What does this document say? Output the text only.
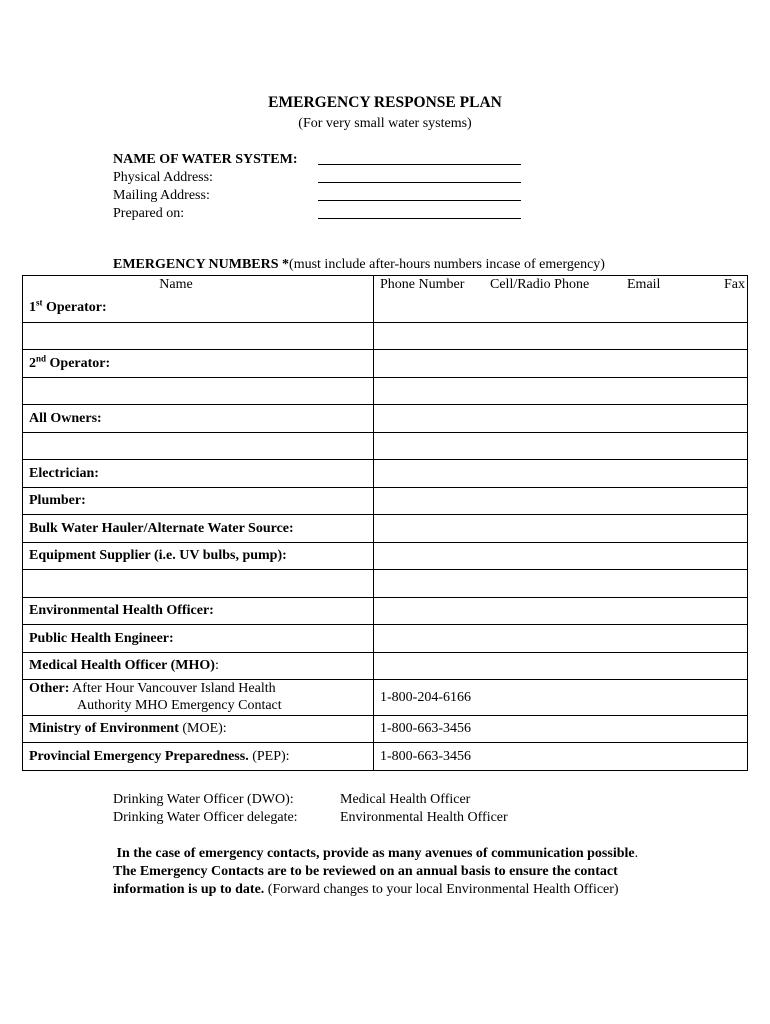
EMERGENCY RESPONSE PLAN
(For very small water systems)
NAME OF WATER SYSTEM:
Physical Address:
Mailing Address:
Prepared on:
EMERGENCY NUMBERS *(must include after-hours numbers incase of emergency)
Name	Phone Number Cell/Radio Phone Email Fax

1st Operator:	

2nd Operator:	

All Owners:	

Electrician:	
Plumber:	
Bulk Water Hauler/Alternate Water Source:	
Equipment Supplier (i.e. UV bulbs, pump):	

Environmental Health Officer:	
Public Health Engineer:	
Medical Health Officer (MHO):	

Other: After Hour Vancouver Island Health
Authority MHO Emergency Contact	1-800-204-6166
Ministry of Environment (MOE):	1-800-663-3456
Provincial Emergency Preparedness. (PEP):	1-800-663-3456
Drinking Water Officer (DWO):	Medical Health Officer
Drinking Water Officer delegate:	Environmental Health Officer
In the case of emergency contacts, provide as many avenues of communication possible. The Emergency Contacts are to be reviewed on an annual basis to ensure the contact information is up to date. (Forward changes to your local Environmental Health Officer)
